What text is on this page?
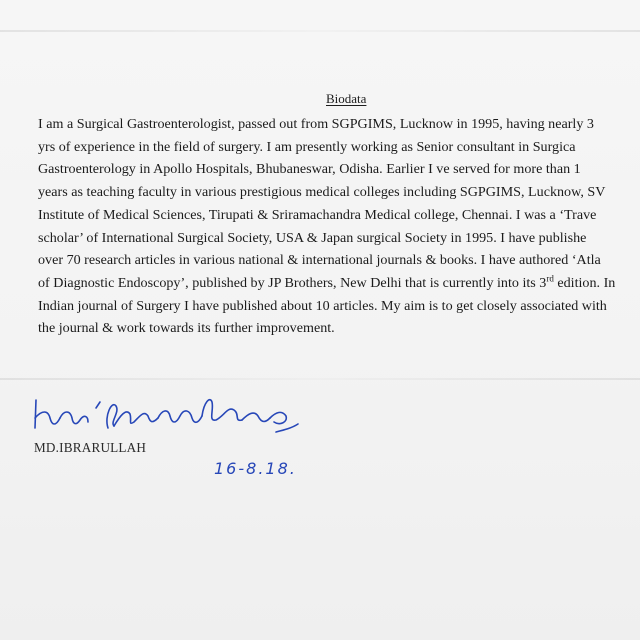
Biodata

I am a Surgical Gastroenterologist, passed out from SGPGIMS, Lucknow in 1995, having nearly 3

yrs of experience in the field of surgery. I am presently working as Senior consultant in Surgica

Gastroenterology in Apollo Hospitals, Bhubaneswar, Odisha. Earlier I ve served for more than 1

years as teaching faculty in various prestigious medical colleges including SGPGIMS, Lucknow, SV

Institute of Medical Sciences, Tirupati & Sriramachandra Medical college, Chennai. I was a ‘Trave

scholar’ of International Surgical Society, USA & Japan surgical Society in 1995. I have publishe

over 70 research articles in various national & international journals & books. I have authored ‘Atla

of Diagnostic Endoscopy’, published by JP Brothers, New Delhi that is currently into its 3rd edition. In

Indian journal of Surgery I have published about 10 articles. My aim is to get closely associated with

the journal & work towards its further improvement.

MD.IBRARULLAH

16-8.18.
